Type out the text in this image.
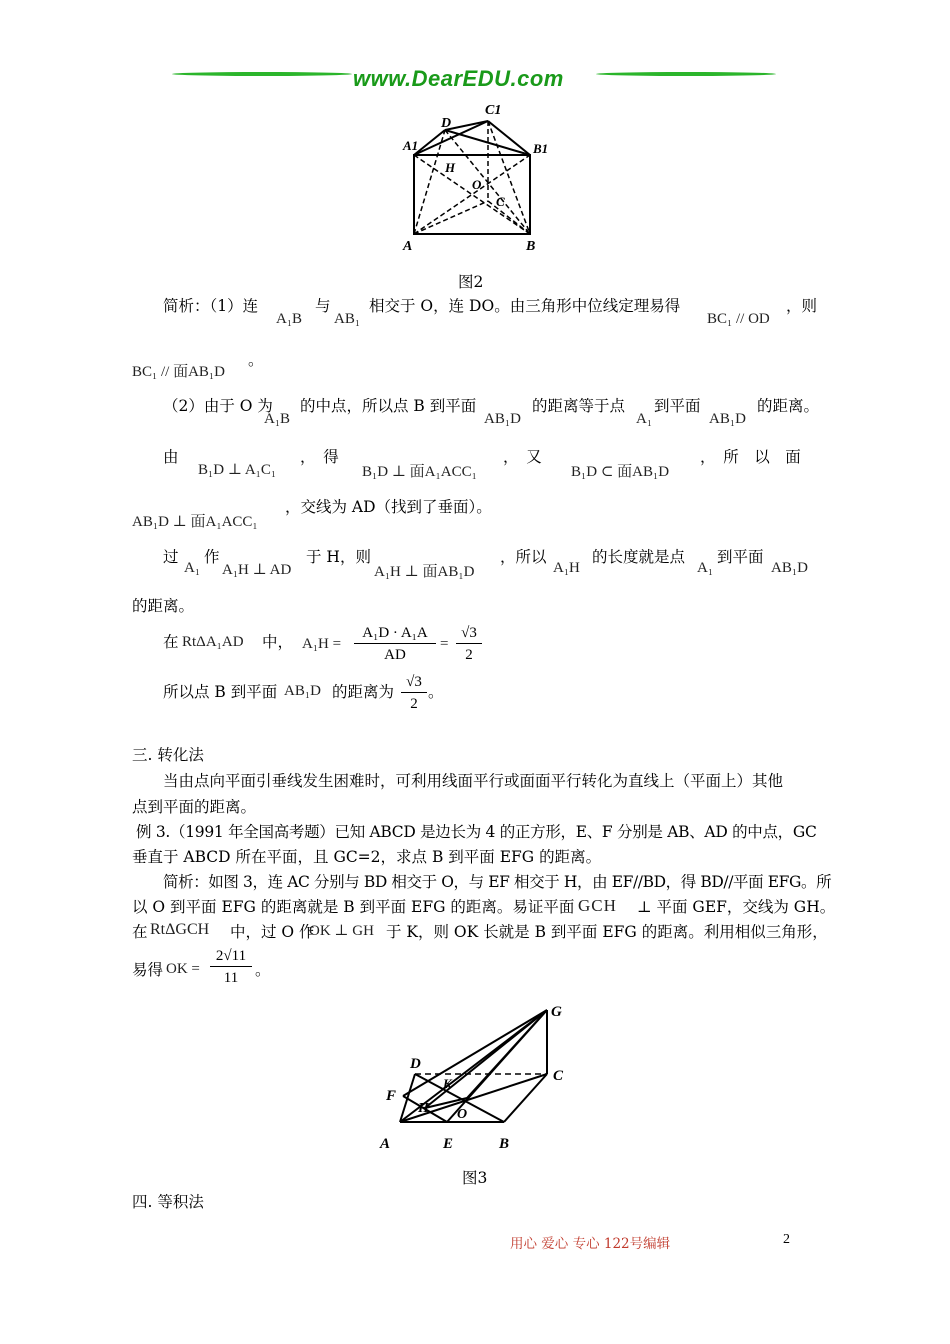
www.DearEDU.com
C1
D
A1	B1
H
O
C
A	B
图2
简析：（1）连
A₁B
与
AB₁
相交于 O，连 DO。由三角形中位线定理易得
BC₁ // OD
，则
BC₁ // 面AB₁D
。
（2）由于 O 为
A₁B
的中点，所以点 B 到平面
AB₁D
的距离等于点
A₁
到平面
AB₁D
的距离。
由
B₁D ⊥ A₁C₁
，　得
B₁D ⊥ 面A₁ACC₁
，　又
B₁D ⊂ 面AB₁D
，　所　以　面
AB₁D ⊥ 面A₁ACC₁
，交线为 AD（找到了垂面）。
过
A₁
作
A₁H ⊥ AD
于 H，则
A₁H ⊥ 面AB₁D
，所以
A₁H
的长度就是点
A₁
到平面
AB₁D
的距离。
在 RtΔA₁AD 中， $A_1H = \frac{\text{A₁D · A₁A}}{AD} = \frac{√3}{2}$
所以点 B 到平面 AB₁D 的距离为 $\frac{√3}{2}$ 。
三. 转化法
当由点向平面引垂线发生困难时，可利用线面平行或面面平行转化为直线上（平面上）其他
点到平面的距离。
例 3.（1991 年全国高考题）已知 ABCD 是边长为 4 的正方形，E、F 分别是 AB、AD 的中点，GC
垂直于 ABCD 所在平面，且 GC=2，求点 B 到平面 EFG 的距离。
简析：如图 3，连 AC 分别与 BD 相交于 O，与 EF 相交于 H，由 EF//BD，得 BD//平面 EFG。所
以 O 到平面 EFG 的距离就是 B 到平面 EFG 的距离。易证平面 GCH ⊥ 平面 GEF，交线为 GH。
在 RtΔGCH 中，过 O 作
OK ⊥ GH 于 K，则 OK 长就是 B 到平面 EFG 的距离。利用相似三角形，
易得 OK = $\frac{2√11}{11}$ 。
G
D
C
F
K
H O
A	E	B
图3
四. 等积法
用心 爱心 专心 122号编辑	2
